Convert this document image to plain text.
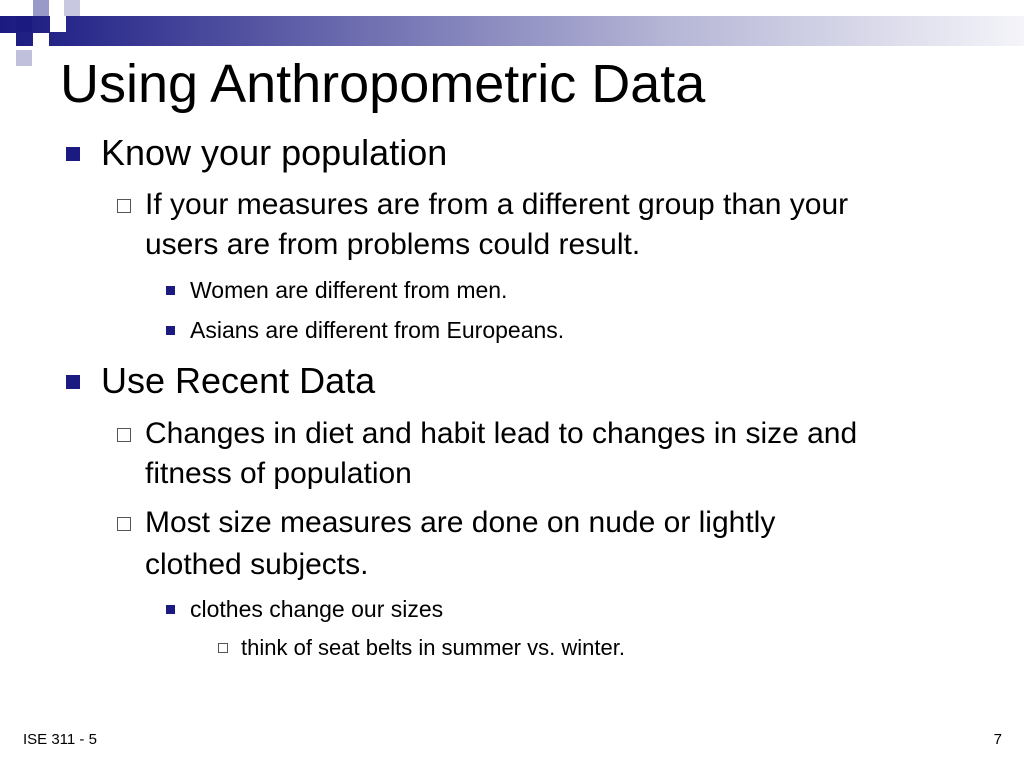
Using Anthropometric Data
Know your population
If your measures are from a different group than your
users are from problems could result.
Women are different from men.
Asians are different from Europeans.
Use Recent Data
Changes in diet and habit lead to changes in size and
fitness of population
Most size measures are done on nude or lightly
clothed subjects.
clothes change our sizes
think of seat belts in summer vs. winter.
ISE 311 - 5	7
